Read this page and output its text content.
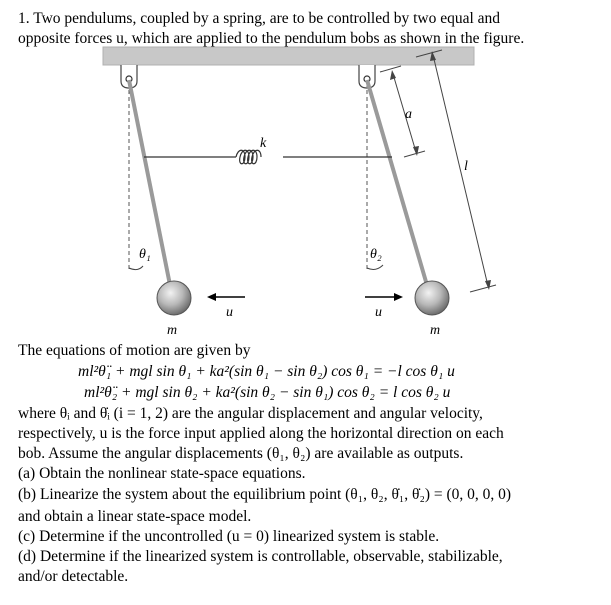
1. Two pendulums, coupled by a spring, are to be controlled by two equal and
opposite forces u, which are applied to the pendulum bobs as shown in the figure.
k
θ₁	θ₂
u	u
m	m
a
l
The equations of motion are given by
ml²θ̈₁ + mgl sin θ₁ + ka²(sin θ₁ − sin θ₂) cos θ₁ = −l cos θ₁ u
ml²θ̈₂ + mgl sin θ₂ + ka²(sin θ₂ − sin θ₁) cos θ₂ = l cos θ₂ u
where θᵢ and θ̇ᵢ (i = 1, 2) are the angular displacement and angular velocity,
respectively, u is the force input applied along the horizontal direction on each
bob. Assume the angular displacements (θ₁, θ₂) are available as outputs.
(a) Obtain the nonlinear state-space equations.
(b) Linearize the system about the equilibrium point (θ₁, θ₂, θ̇₁, θ̇₂) = (0, 0, 0, 0)
and obtain a linear state-space model.
(c) Determine if the uncontrolled (u = 0) linearized system is stable.
(d) Determine if the linearized system is controllable, observable, stabilizable,
and/or detectable.
